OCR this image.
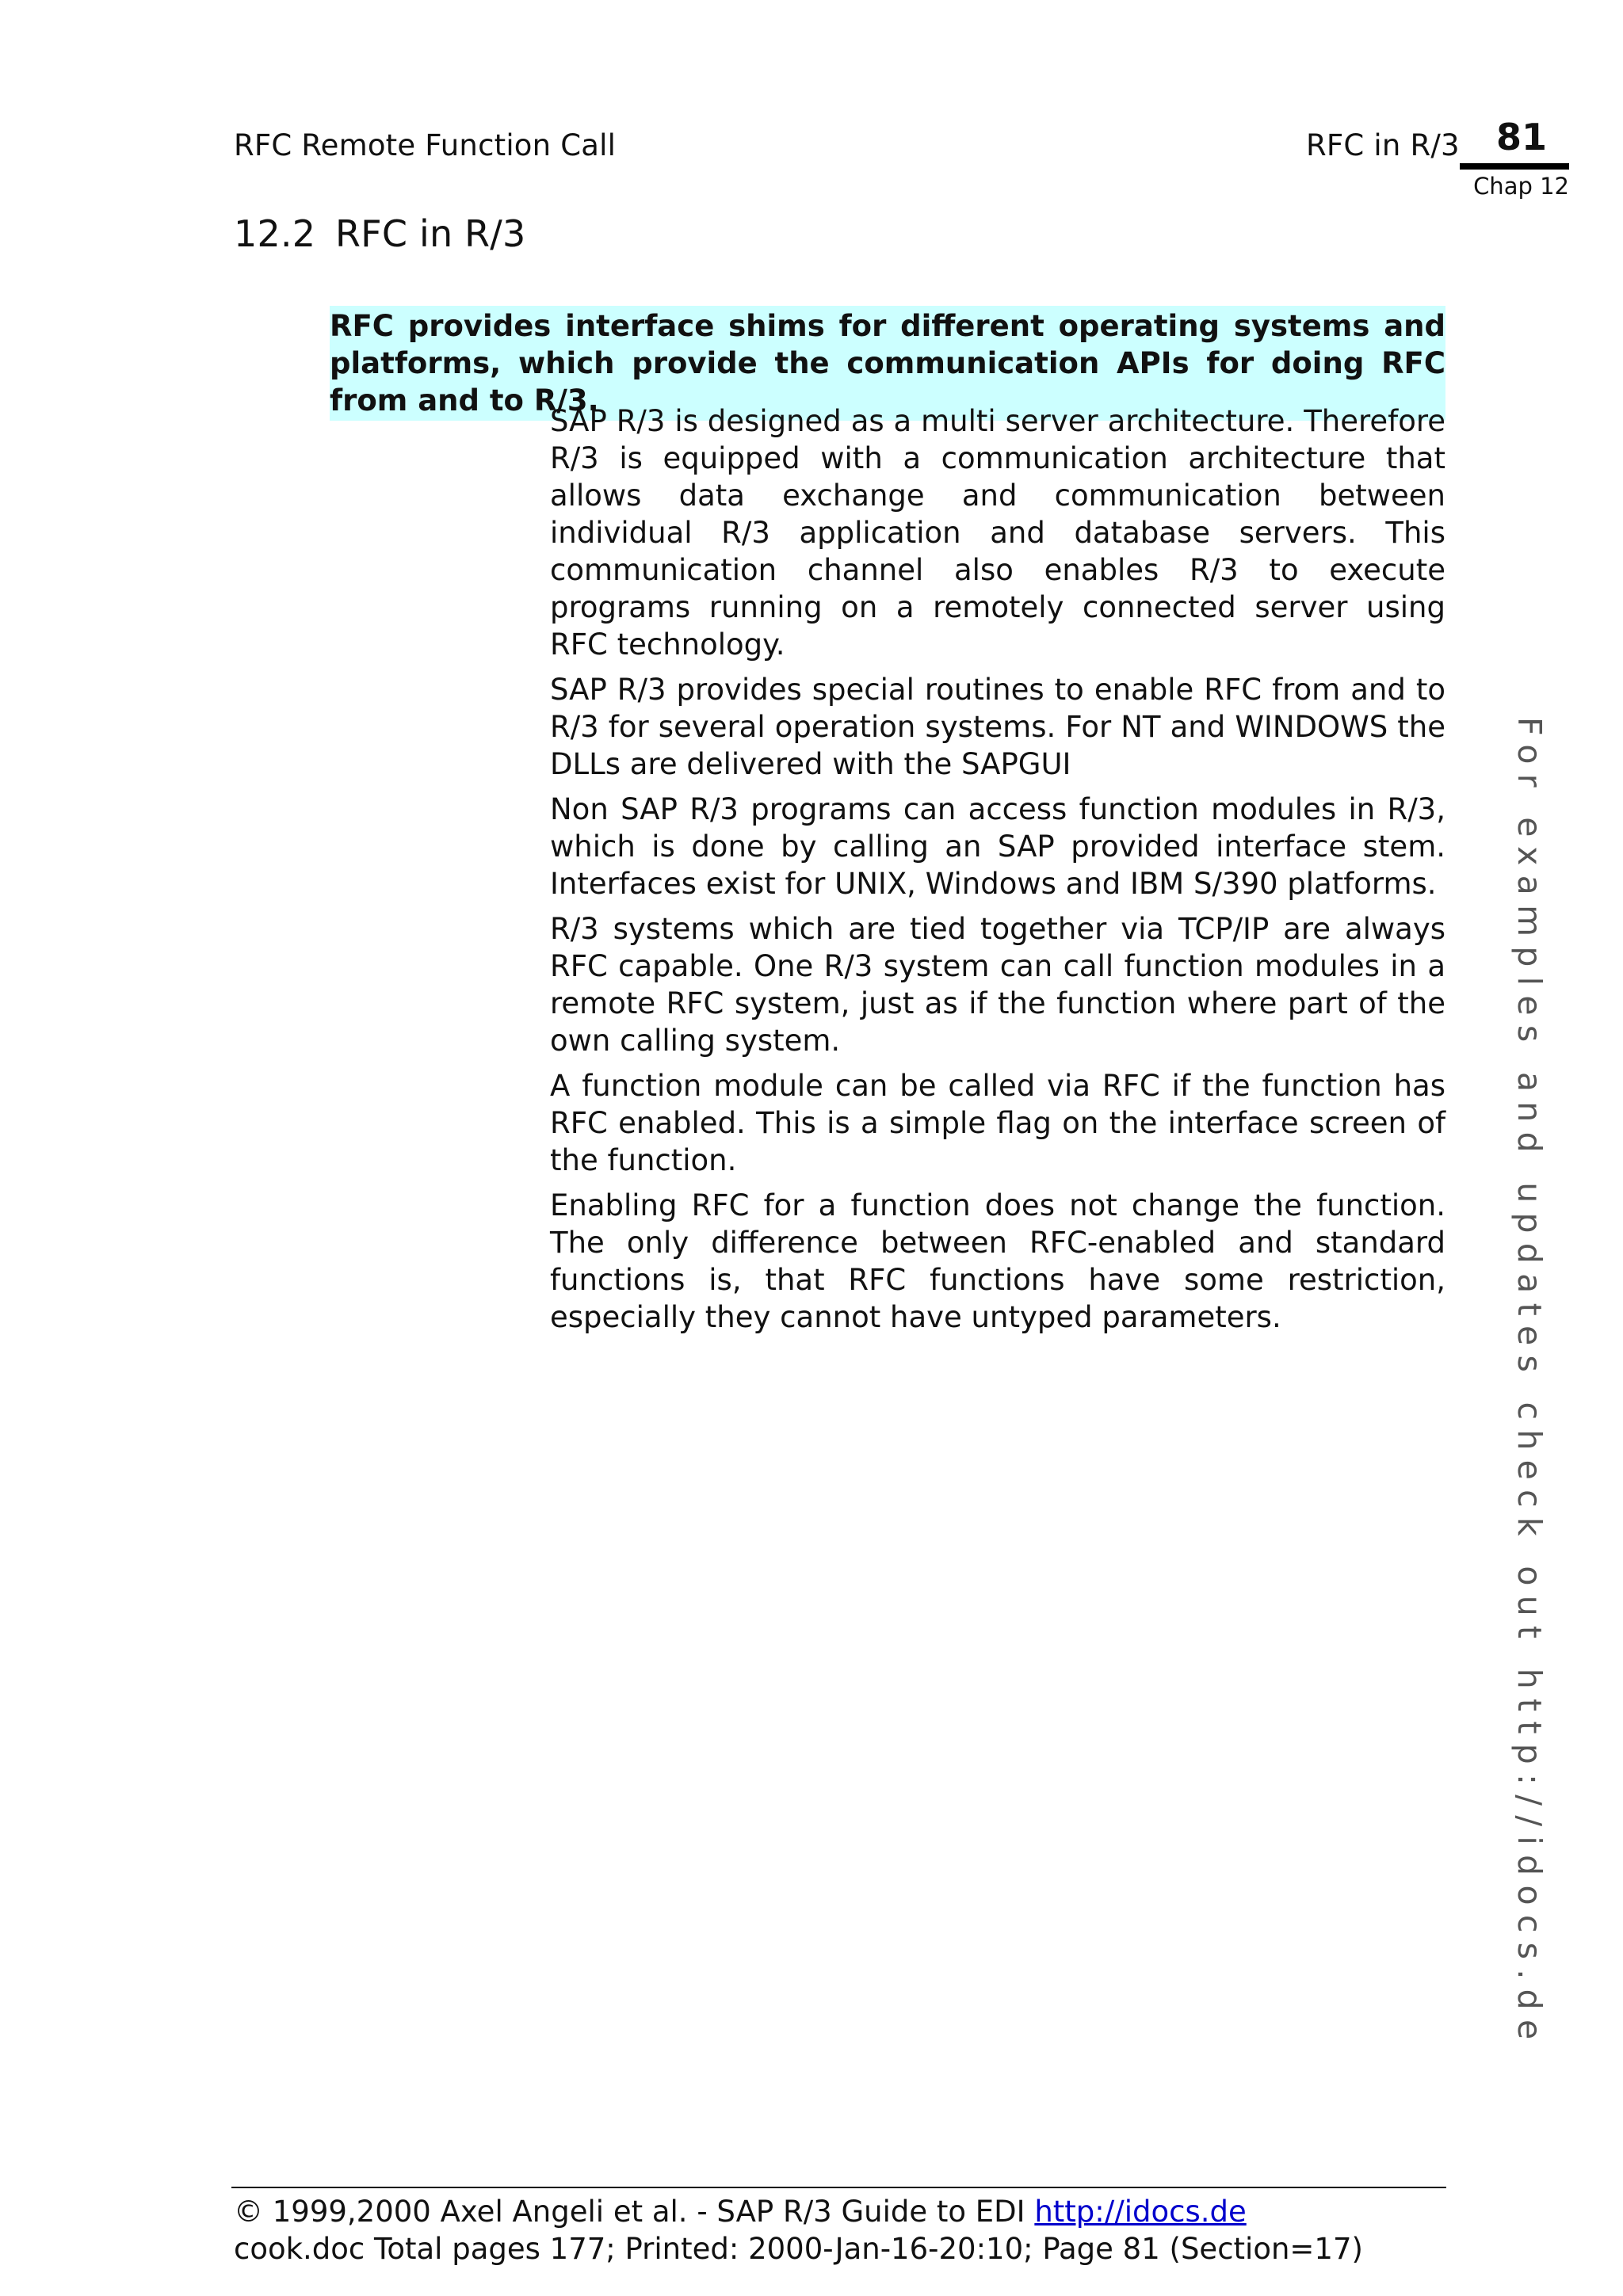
RFC Remote Function Call	RFC in R/3	81
Chap 12
12.2 RFC in R/3
RFC provides interface shims for different operating systems and platforms, which provide the communication APIs for doing RFC from and to R/3.

SAP R/3 is designed as a multi server architecture. Therefore R/3 is equipped with a communication architecture that allows data exchange and communication between individual R/3 application and database servers. This communication channel also enables R/3 to execute programs running on a remotely connected server using RFC technology.

SAP R/3 provides special routines to enable RFC from and to R/3 for several operation systems. For NT and WINDOWS the DLLs are delivered with the SAPGUI

Non SAP R/3 programs can access function modules in R/3, which is done by calling an SAP provided interface stem. Interfaces exist for UNIX, Windows and IBM S/390 platforms.

R/3 systems which are tied together via TCP/IP are always RFC capable. One R/3 system can call function modules in a remote RFC system, just as if the function where part of the own calling system.

A function module can be called via RFC if the function has RFC enabled. This is a simple flag on the interface screen of the function.

Enabling RFC for a function does not change the function. The only difference between RFC-enabled and standard functions is, that RFC functions have some restriction, especially they cannot have untyped parameters.	For examples and updates check out http://idocs.de
© 1999,2000 Axel Angeli et al. - SAP R/3 Guide to EDI http://idocs.de
cook.doc Total pages 177; Printed: 2000-Jan-16-20:10; Page 81 (Section=17)
